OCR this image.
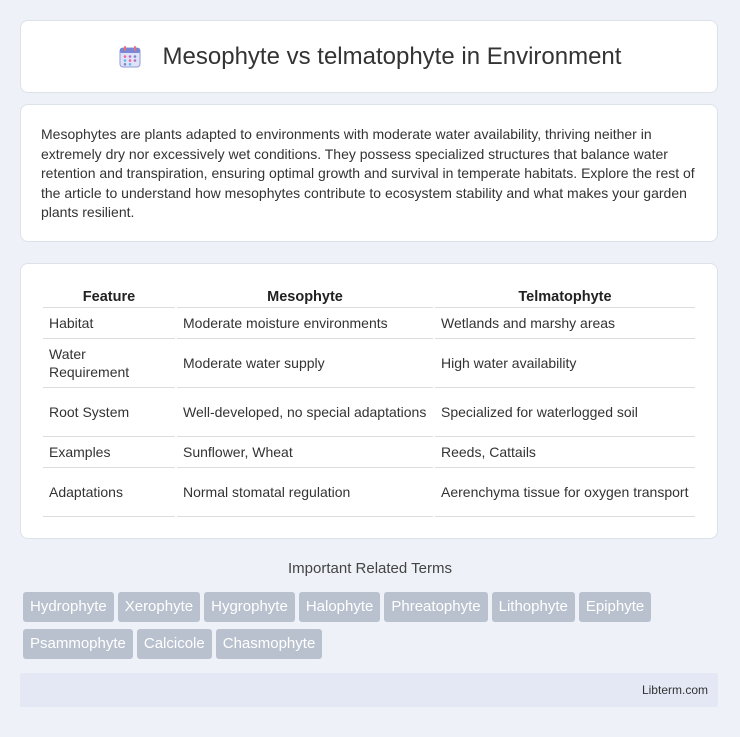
Mesophyte vs telmatophyte in Environment

Mesophytes are plants adapted to environments with moderate water availability, thriving neither in extremely dry nor excessively wet conditions. They possess specialized structures that balance water retention and transpiration, ensuring optimal growth and survival in temperate habitats. Explore the rest of the article to understand how mesophytes contribute to ecosystem stability and what makes your garden plants resilient.

Feature	Mesophyte	Telmatophyte
Habitat	Moderate moisture environments	Wetlands and marshy areas
Water Requirement	Moderate water supply	High water availability
Root System	Well-developed, no special adaptations	Specialized for waterlogged soil
Examples	Sunflower, Wheat	Reeds, Cattails
Adaptations	Normal stomatal regulation	Aerenchyma tissue for oxygen transport
Important Related Terms
Hydrophyte Xerophyte Hygrophyte Halophyte Phreatophyte Lithophyte Epiphyte
Psammophyte Calcicole Chasmophyte
Libterm.com
